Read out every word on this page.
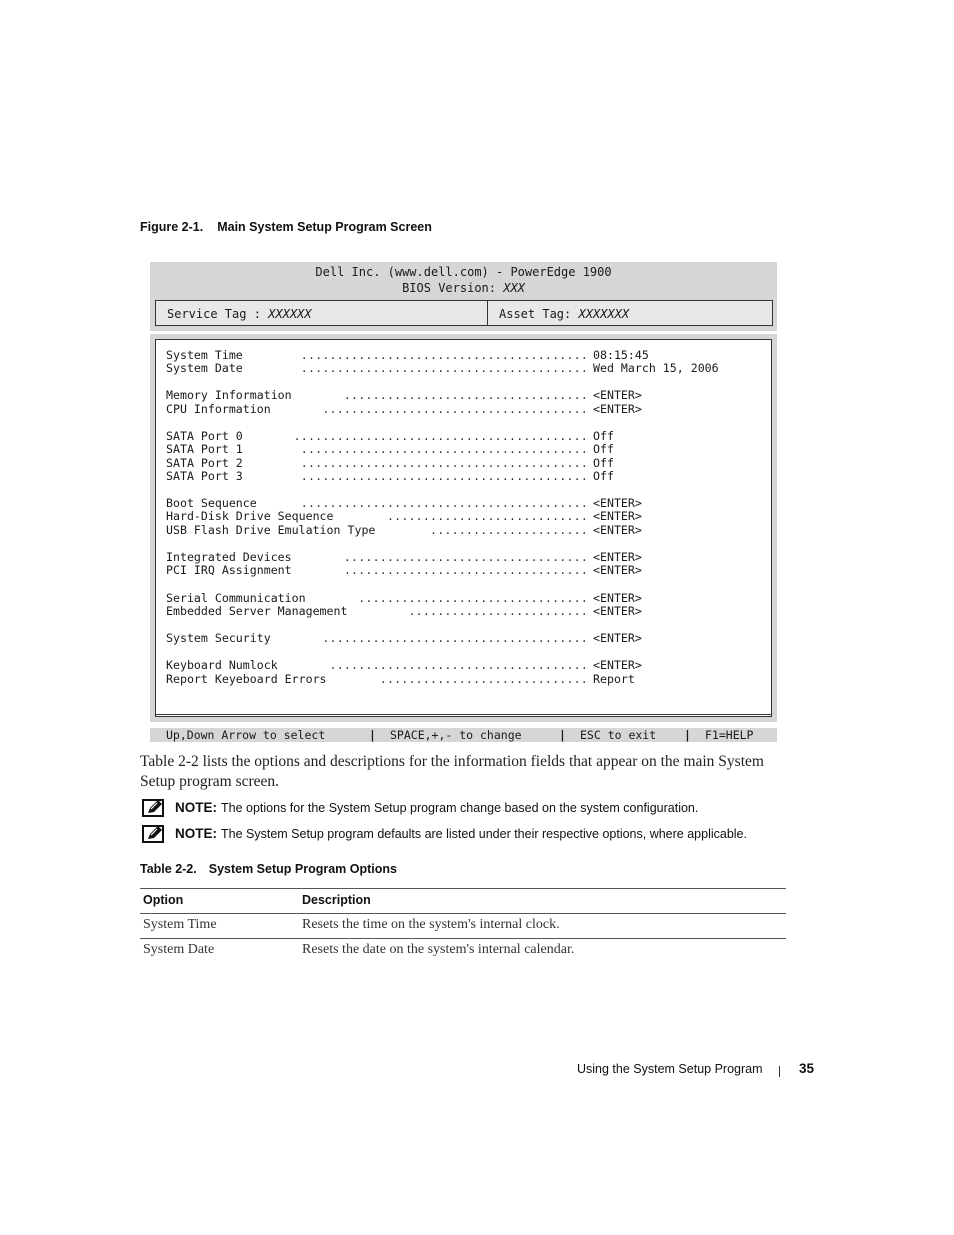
Figure 2-1. Main System Setup Program Screen
Dell Inc. (www.dell.com) - PowerEdge 1900
BIOS Version: XXX
Service Tag : XXXXXX	Asset Tag: XXXXXXX
System Time	........................................ 08:15:45
System Date	........................................ Wed March 15, 2006
Memory Information	.................................. <ENTER>
CPU Information	..................................... <ENTER>
SATA Port 0	......................................... Off
SATA Port 1	........................................ Off
SATA Port 2	........................................ Off
SATA Port 3	........................................ Off
Boot Sequence	........................................ <ENTER>
Hard-Disk Drive Sequence	............................ <ENTER>
USB Flash Drive Emulation Type	...................... <ENTER>
Integrated Devices	.................................. <ENTER>
PCI IRQ Assignment	.................................. <ENTER>
Serial Communication	................................ <ENTER>
Embedded Server Management	......................... <ENTER>
System Security	..................................... <ENTER>
Keyboard Numlock	.................................... <ENTER>
Report Keyeboard Errors	............................. Report

Up,Down Arrow to select

	|

SPACE,+,- to change

	|

ESC to exit

|

F1=HELP

Table 2-2 lists the options and descriptions for the information fields that appear on the main System Setup program screen.
NOTE: The options for the System Setup program change based on the system configuration.
NOTE: The System Setup program defaults are listed under their respective options, where applicable.
Table 2-2. System Setup Program Options
Option	Description
System Time	Resets the time on the system's internal clock.
System Date	Resets the date on the system's internal calendar.
Using the System Setup Program	35
